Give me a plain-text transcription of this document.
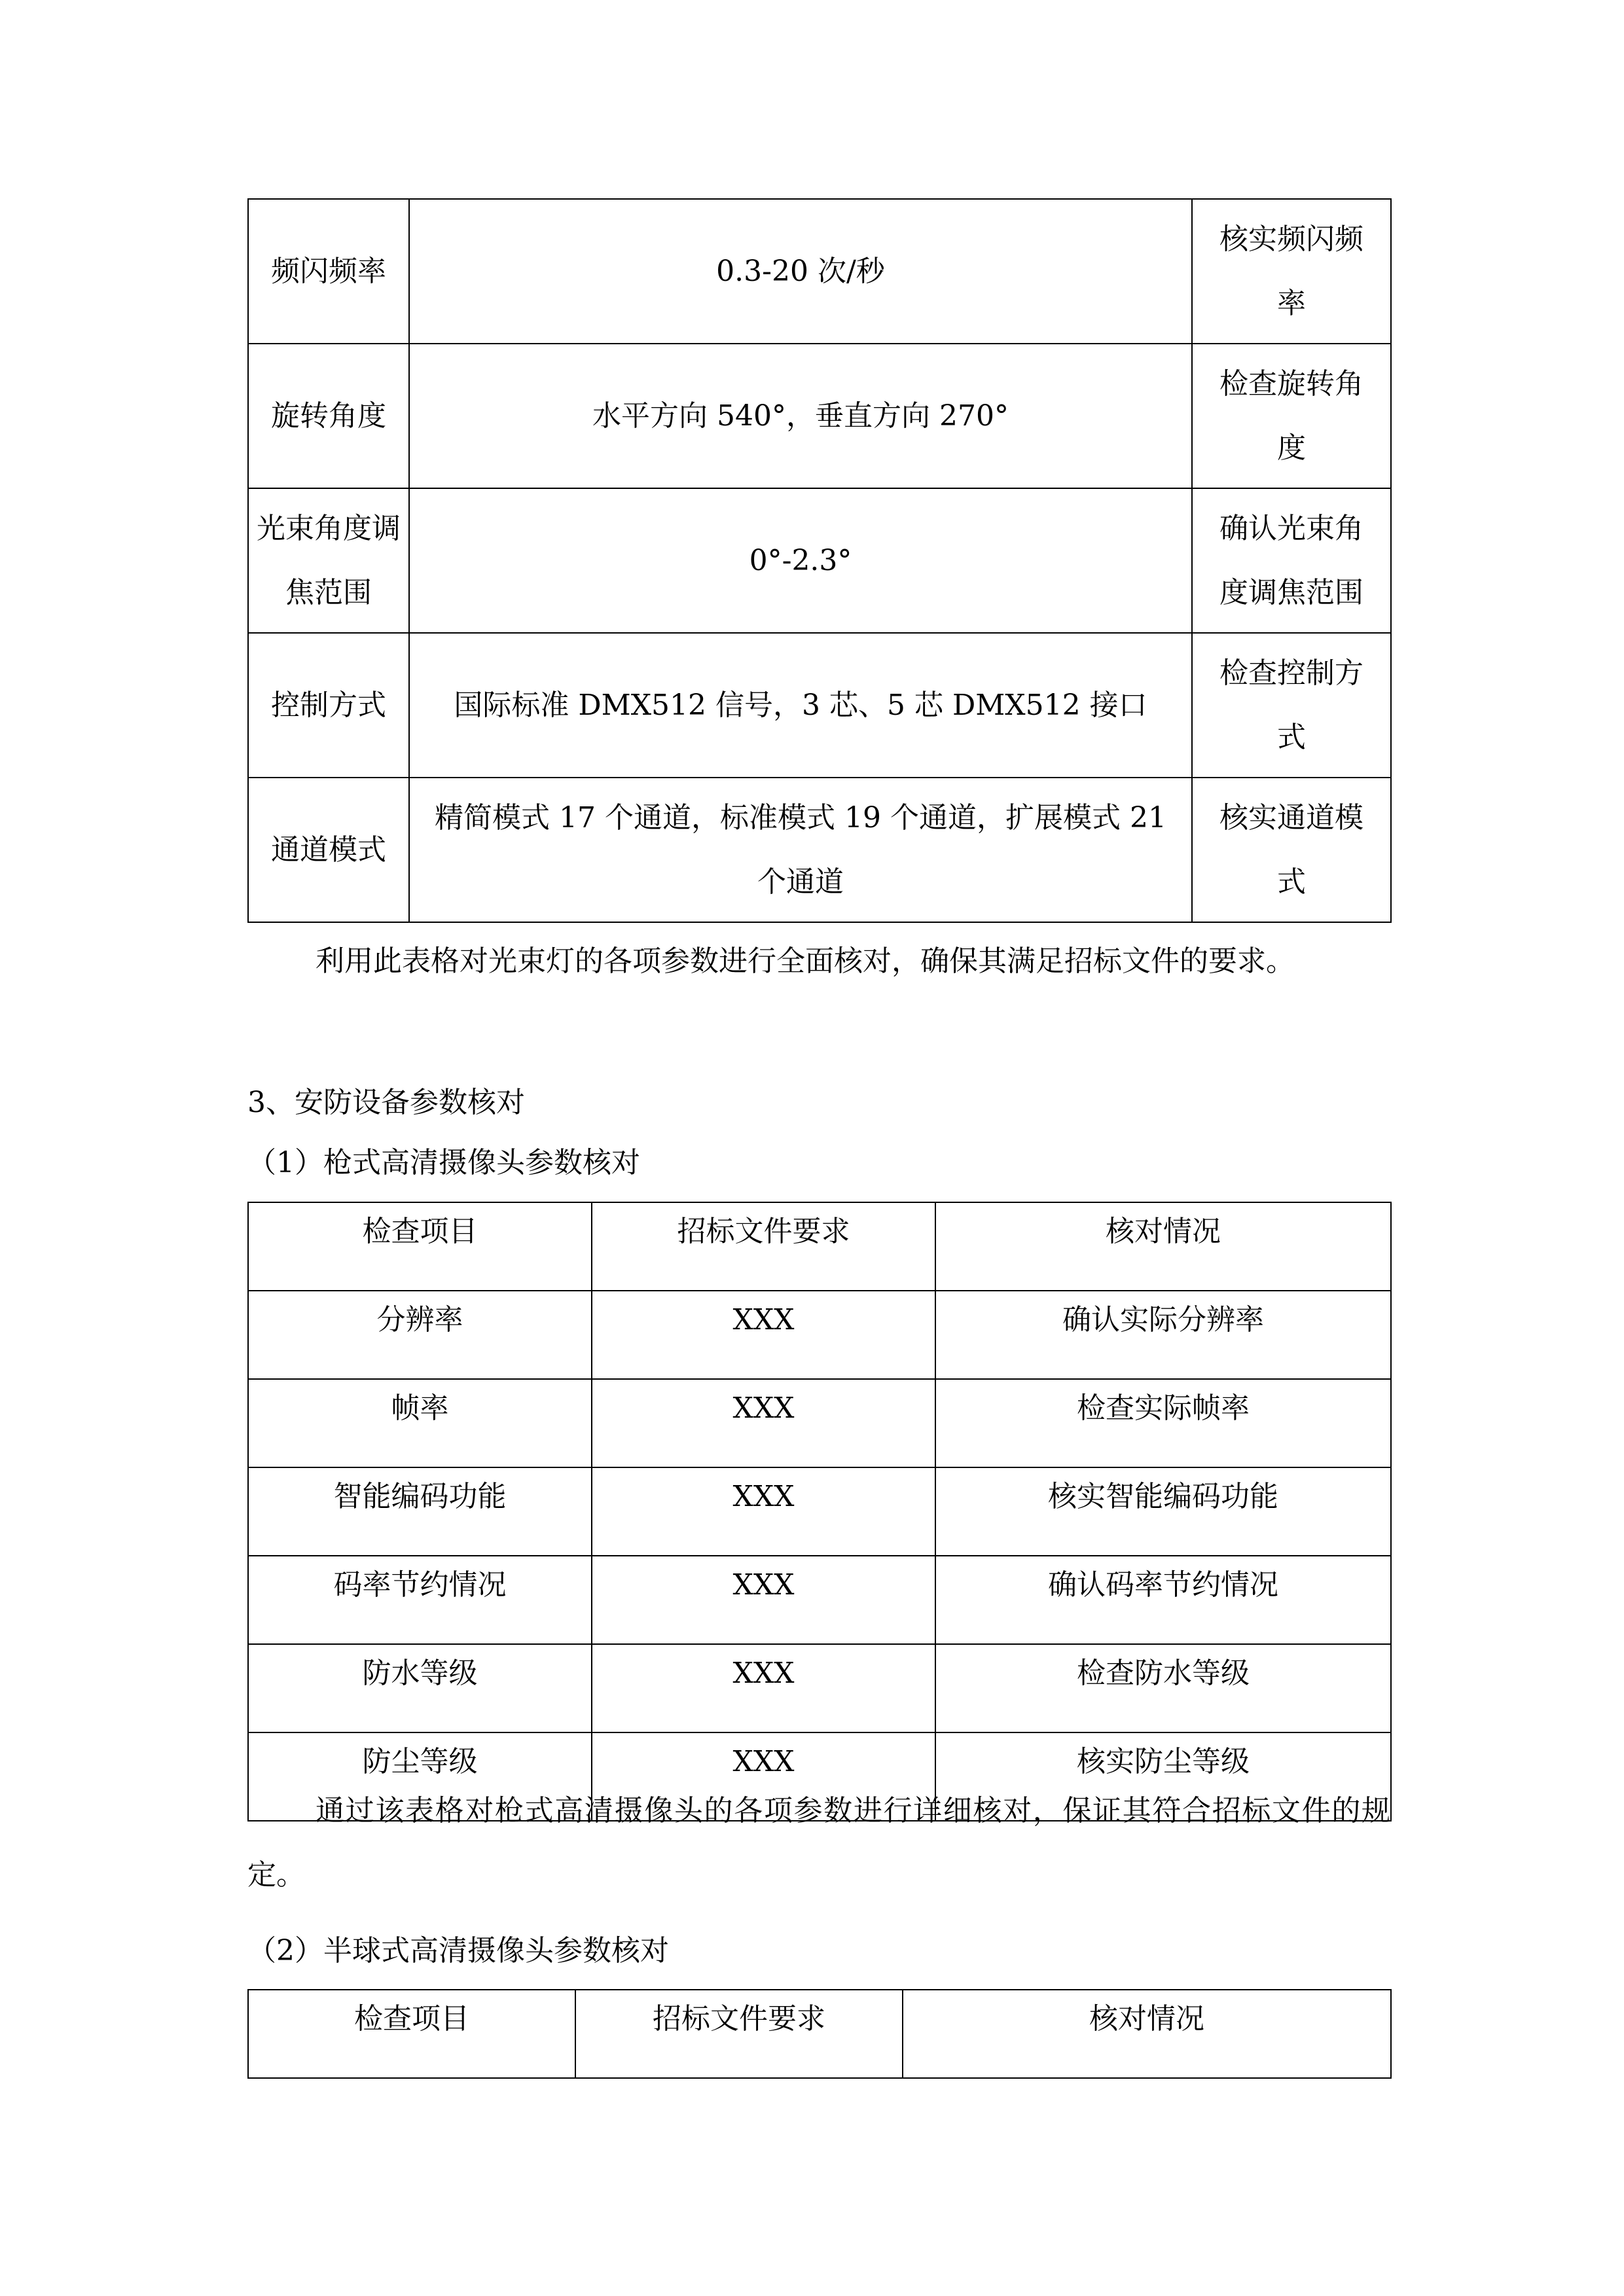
频闪频率	0.3-20 次/秒	核实频闪频率
旋转角度	水平方向 540°，垂直方向 270°	检查旋转角度
光束角度调焦范围	0°-2.3°	确认光束角度调焦范围
控制方式	国际标准 DMX512 信号，3 芯、5 芯 DMX512 接口	检查控制方式
通道模式	精简模式 17 个通道，标准模式 19 个通道，扩展模式 21 个通道	核实通道模式
利用此表格对光束灯的各项参数进行全面核对，确保其满足招标文件的要求。
3、安防设备参数核对
（1）枪式高清摄像头参数核对
检查项目	招标文件要求	核对情况
分辨率	XXX	确认实际分辨率
帧率	XXX	检查实际帧率
智能编码功能	XXX	核实智能编码功能
码率节约情况	XXX	确认码率节约情况
防水等级	XXX	检查防水等级
防尘等级	XXX	核实防尘等级
通过该表格对枪式高清摄像头的各项参数进行详细核对，保证其符合招标文件的规定。
（2）半球式高清摄像头参数核对
检查项目	招标文件要求	核对情况
